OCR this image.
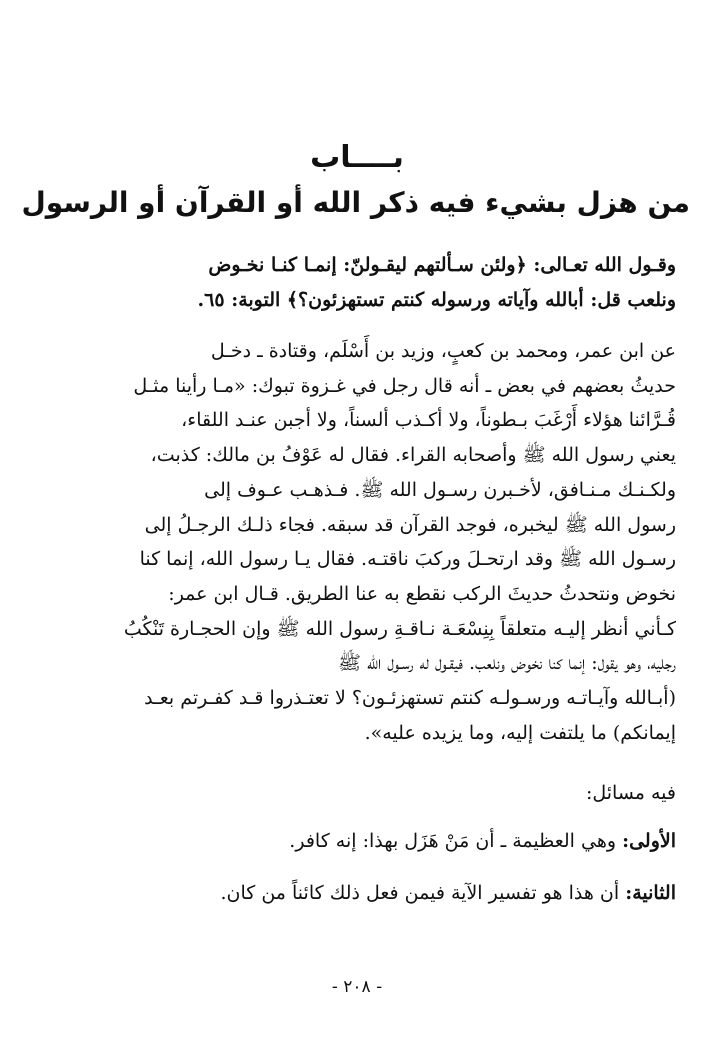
بــــاب
من هزل بشيء فيه ذكر الله أو القرآن أو الرسول

وقـول الله تعـالى: ﴿ولئن سـألتهم ليقـولنّ: إنمـا كنـا نخـوض

ونلعب قل: أبالله وآياته ورسوله كنتم تستهزئون؟﴾ التوبة: ٦٥.

عن ابن عمر، ومحمد بن كعبٍ، وزيد بن أَسْلَم، وقتادة ـ دخـل

حديثُ بعضهم في بعض ـ أنه قال رجل في غـزوة تبوك: «مـا رأينا مثـل

قُـرَّائنا هؤلاء أَرْغَبَ بـطوناً، ولا أكـذب ألسناً، ولا أجبن عنـد اللقاء،

يعني رسول الله ﷺ وأصحابه القراء. فقال له عَوْفُ بن مالك: كذبت،

ولكـنـك مـنـافق، لأخـبرن رسـول الله ﷺ. فـذهـب عـوف إلى

رسول الله ﷺ ليخبره، فوجد القرآن قد سبقه. فجاء ذلـك الرجـلُ إلى

رسـول الله ﷺ وقد ارتحـلَ وركبَ ناقتـه. فقال يـا رسول الله، إنما كنا

نخوض ونتحدثُ حديثَ الركب نقطع به عنا الطريق. قـال ابن عمر:

كـأني أنظر إليـه متعلقاً بِنِسْعَـة نـاقـةِ رسول الله ﷺ وإن الحجـارة تَنْكُبُ

رجليه، وهو يقول: إنما كنا نخوض ونلعب. فيقـول له رسـول الله ﷺ

(أبـالله وآيـاتـه ورسـولـه كنتم تستهزئـون؟ لا تعتـذروا قـد كفـرتم بعـد

إيمانكم) ما يلتفت إليه، وما يزيده عليه».

فيه مسائل:
الأولى: وهي العظيمة ـ أن مَنْ هَزَل بهذا: إنه كافر.
الثانية: أن هذا هو تفسير الآية فيمن فعل ذلك كائناً من كان.
- ٢٠٨ -
